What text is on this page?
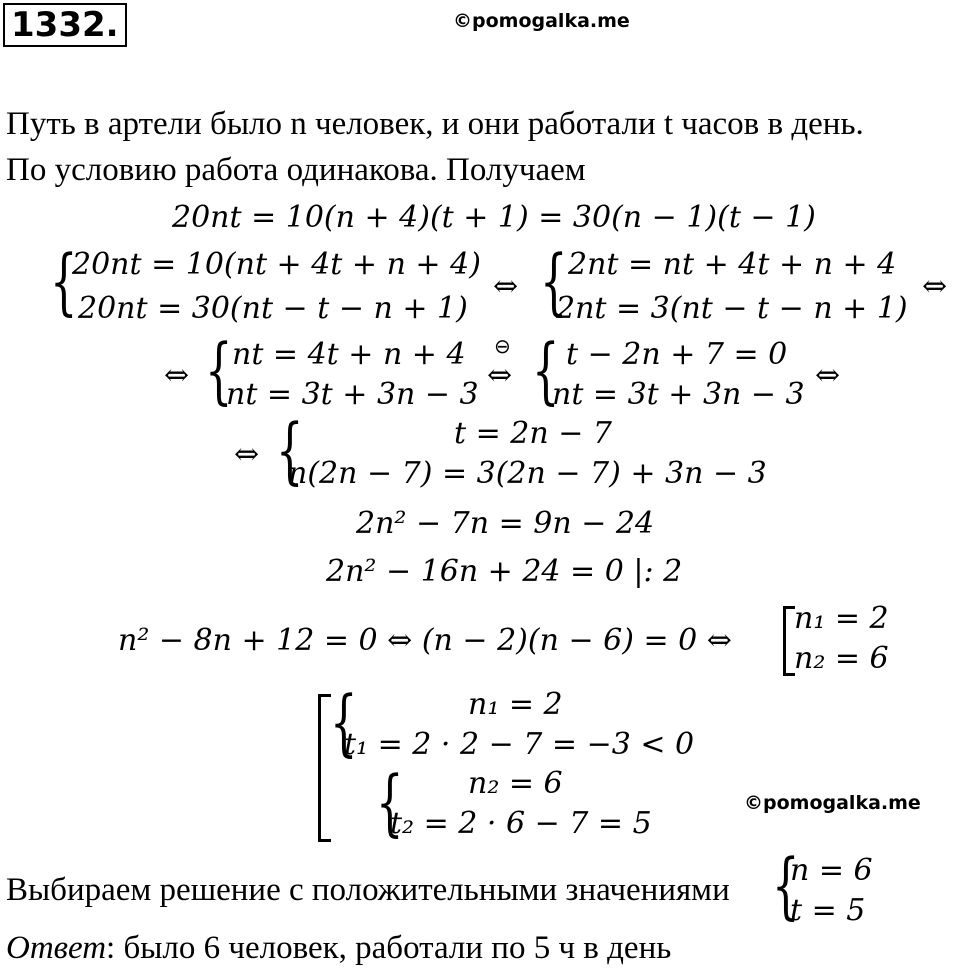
1332.	©pomogalka.me
Путь в артели было n человек, и они работали t часов в день.
По условию работа одинакова. Получаем
20nt = 10(n + 4)(t + 1) = 30(n − 1)(t − 1)
{
20nt = 10(nt + 4t + n + 4)
20nt = 30(nt − t − n + 1)
⇔ { 2nt = nt + 4t + n + 4
2nt = 3(nt − t − n + 1)
⇔
⇔ { nt = 4t + n + 4
nt = 3t + 3n − 3
⊖
⇔ { t − 2n + 7 = 0
nt = 3t + 3n − 3
⇔
⇔ {	t = 2n − 7
n(2n − 7) = 3(2n − 7) + 3n − 3
2n² − 7n = 9n − 24
2n² − 16n + 24 = 0 |: 2
n² − 8n + 12 = 0 ⇔ (n − 2)(n − 6) = 0 ⇔
n₁ = 2
n₂ = 6
{	n₁ = 2
t₁ = 2 · 2 − 7 = −3 < 0
{ n₂ = 6
t₂ = 2 · 6 − 7 = 5
©pomogalka.me
Выбираем решение с положительными значениями {
n = 6
t = 5
Ответ: было 6 человек, работали по 5 ч в день
